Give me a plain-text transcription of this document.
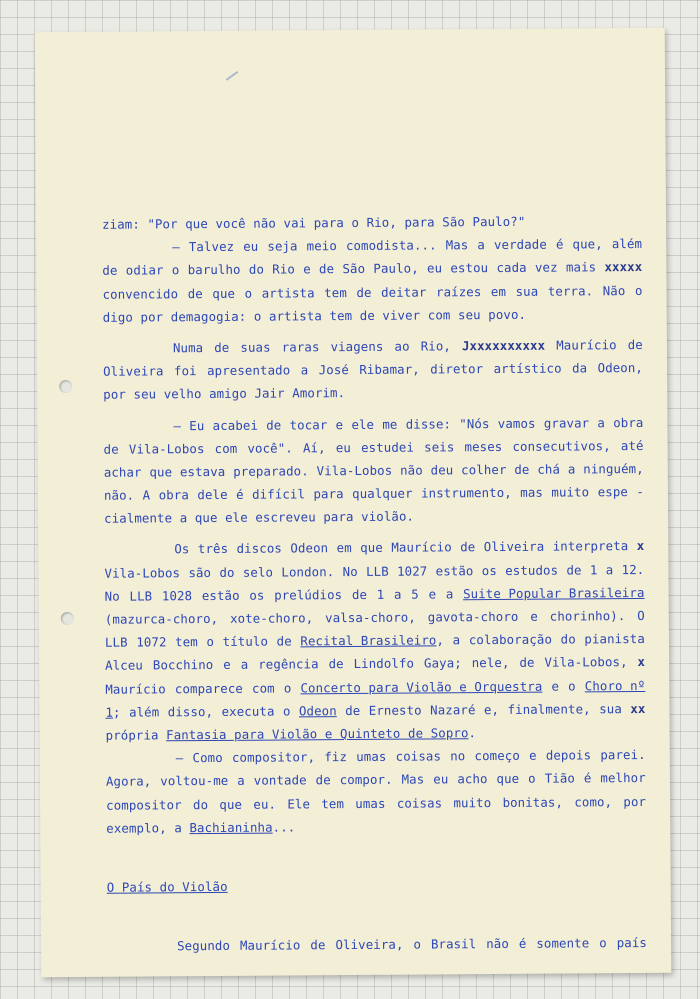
ziam: "Por que você não vai para o Rio, para São Paulo?"
— Talvez eu seja meio comodista... Mas a verdade é que, além
de odiar o barulho do Rio e de São Paulo, eu estou cada vez mais xxxxx
convencido de que o artista tem de deitar raízes em sua terra. Não o
digo por demagogia: o artista tem de viver com seu povo.
Numa de suas raras viagens ao Rio, Jxxxxxxxxxx Maurício de
Oliveira foi apresentado a José Ribamar, diretor artístico da Odeon,
por seu velho amigo Jair Amorim.
— Eu acabei de tocar e ele me disse: "Nós vamos gravar a obra
de Vila-Lobos com você". Aí, eu estudei seis meses consecutivos, até
achar que estava preparado. Vila-Lobos não deu colher de chá a ninguém,
não. A obra dele é difícil para qualquer instrumento, mas muito espe -
cialmente a que ele escreveu para violão.
Os três discos Odeon em que Maurício de Oliveira interpreta x
Vila-Lobos são do selo London. No LLB 1027 estão os estudos de 1 a 12.
No LLB 1028 estão os prelúdios de 1 a 5 e a Suite Popular Brasileira
(mazurca-choro, xote-choro, valsa-choro, gavota-choro e chorinho). O
LLB 1072 tem o título de Recital Brasileiro, a colaboração do pianista
Alceu Bocchino e a regência de Lindolfo Gaya; nele, de Vila-Lobos, x
Maurício comparece com o Concerto para Violão e Orquestra e o Choro nº
1; além disso, executa o Odeon de Ernesto Nazaré e, finalmente, sua xx
própria Fantasia para Violão e Quinteto de Sopro.
— Como compositor, fiz umas coisas no começo e depois parei.
Agora, voltou-me a vontade de compor. Mas eu acho que o Tião é melhor
compositor do que eu. Ele tem umas coisas muito bonitas, como, por
exemplo, a Bachianinha...
O País do Violão
Segundo Maurício de Oliveira, o Brasil não é somente o país
